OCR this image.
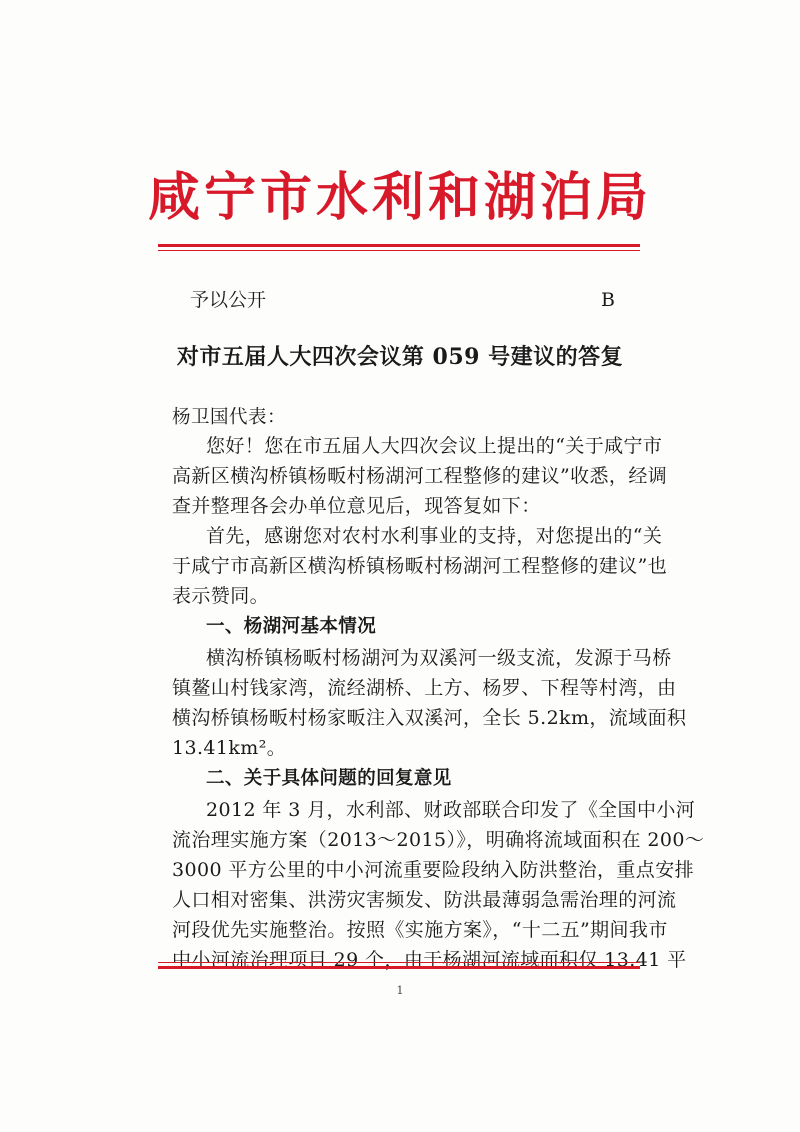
咸宁市水利和湖泊局
予以公开	B
对市五届人大四次会议第 059 号建议的答复
杨卫国代表：
您好！您在市五届人大四次会议上提出的“关于咸宁市
高新区横沟桥镇杨畈村杨湖河工程整修的建议”收悉，经调
查并整理各会办单位意见后，现答复如下：
首先，感谢您对农村水利事业的支持，对您提出的“关
于咸宁市高新区横沟桥镇杨畈村杨湖河工程整修的建议”也
表示赞同。
一、杨湖河基本情况
横沟桥镇杨畈村杨湖河为双溪河一级支流，发源于马桥
镇鳌山村钱家湾，流经湖桥、上方、杨罗、下程等村湾，由
横沟桥镇杨畈村杨家畈注入双溪河，全长 5.2km，流域面积
13.41km²。
二、关于具体问题的回复意见
2012 年 3 月，水利部、财政部联合印发了《全国中小河
流治理实施方案（2013～2015）》，明确将流域面积在 200～
3000 平方公里的中小河流重要险段纳入防洪整治，重点安排
人口相对密集、洪涝灾害频发、防洪最薄弱急需治理的河流
河段优先实施整治。按照《实施方案》，“十二五”期间我市
中小河流治理项目 29 个，由于杨湖河流域面积仅 13.41 平
1
